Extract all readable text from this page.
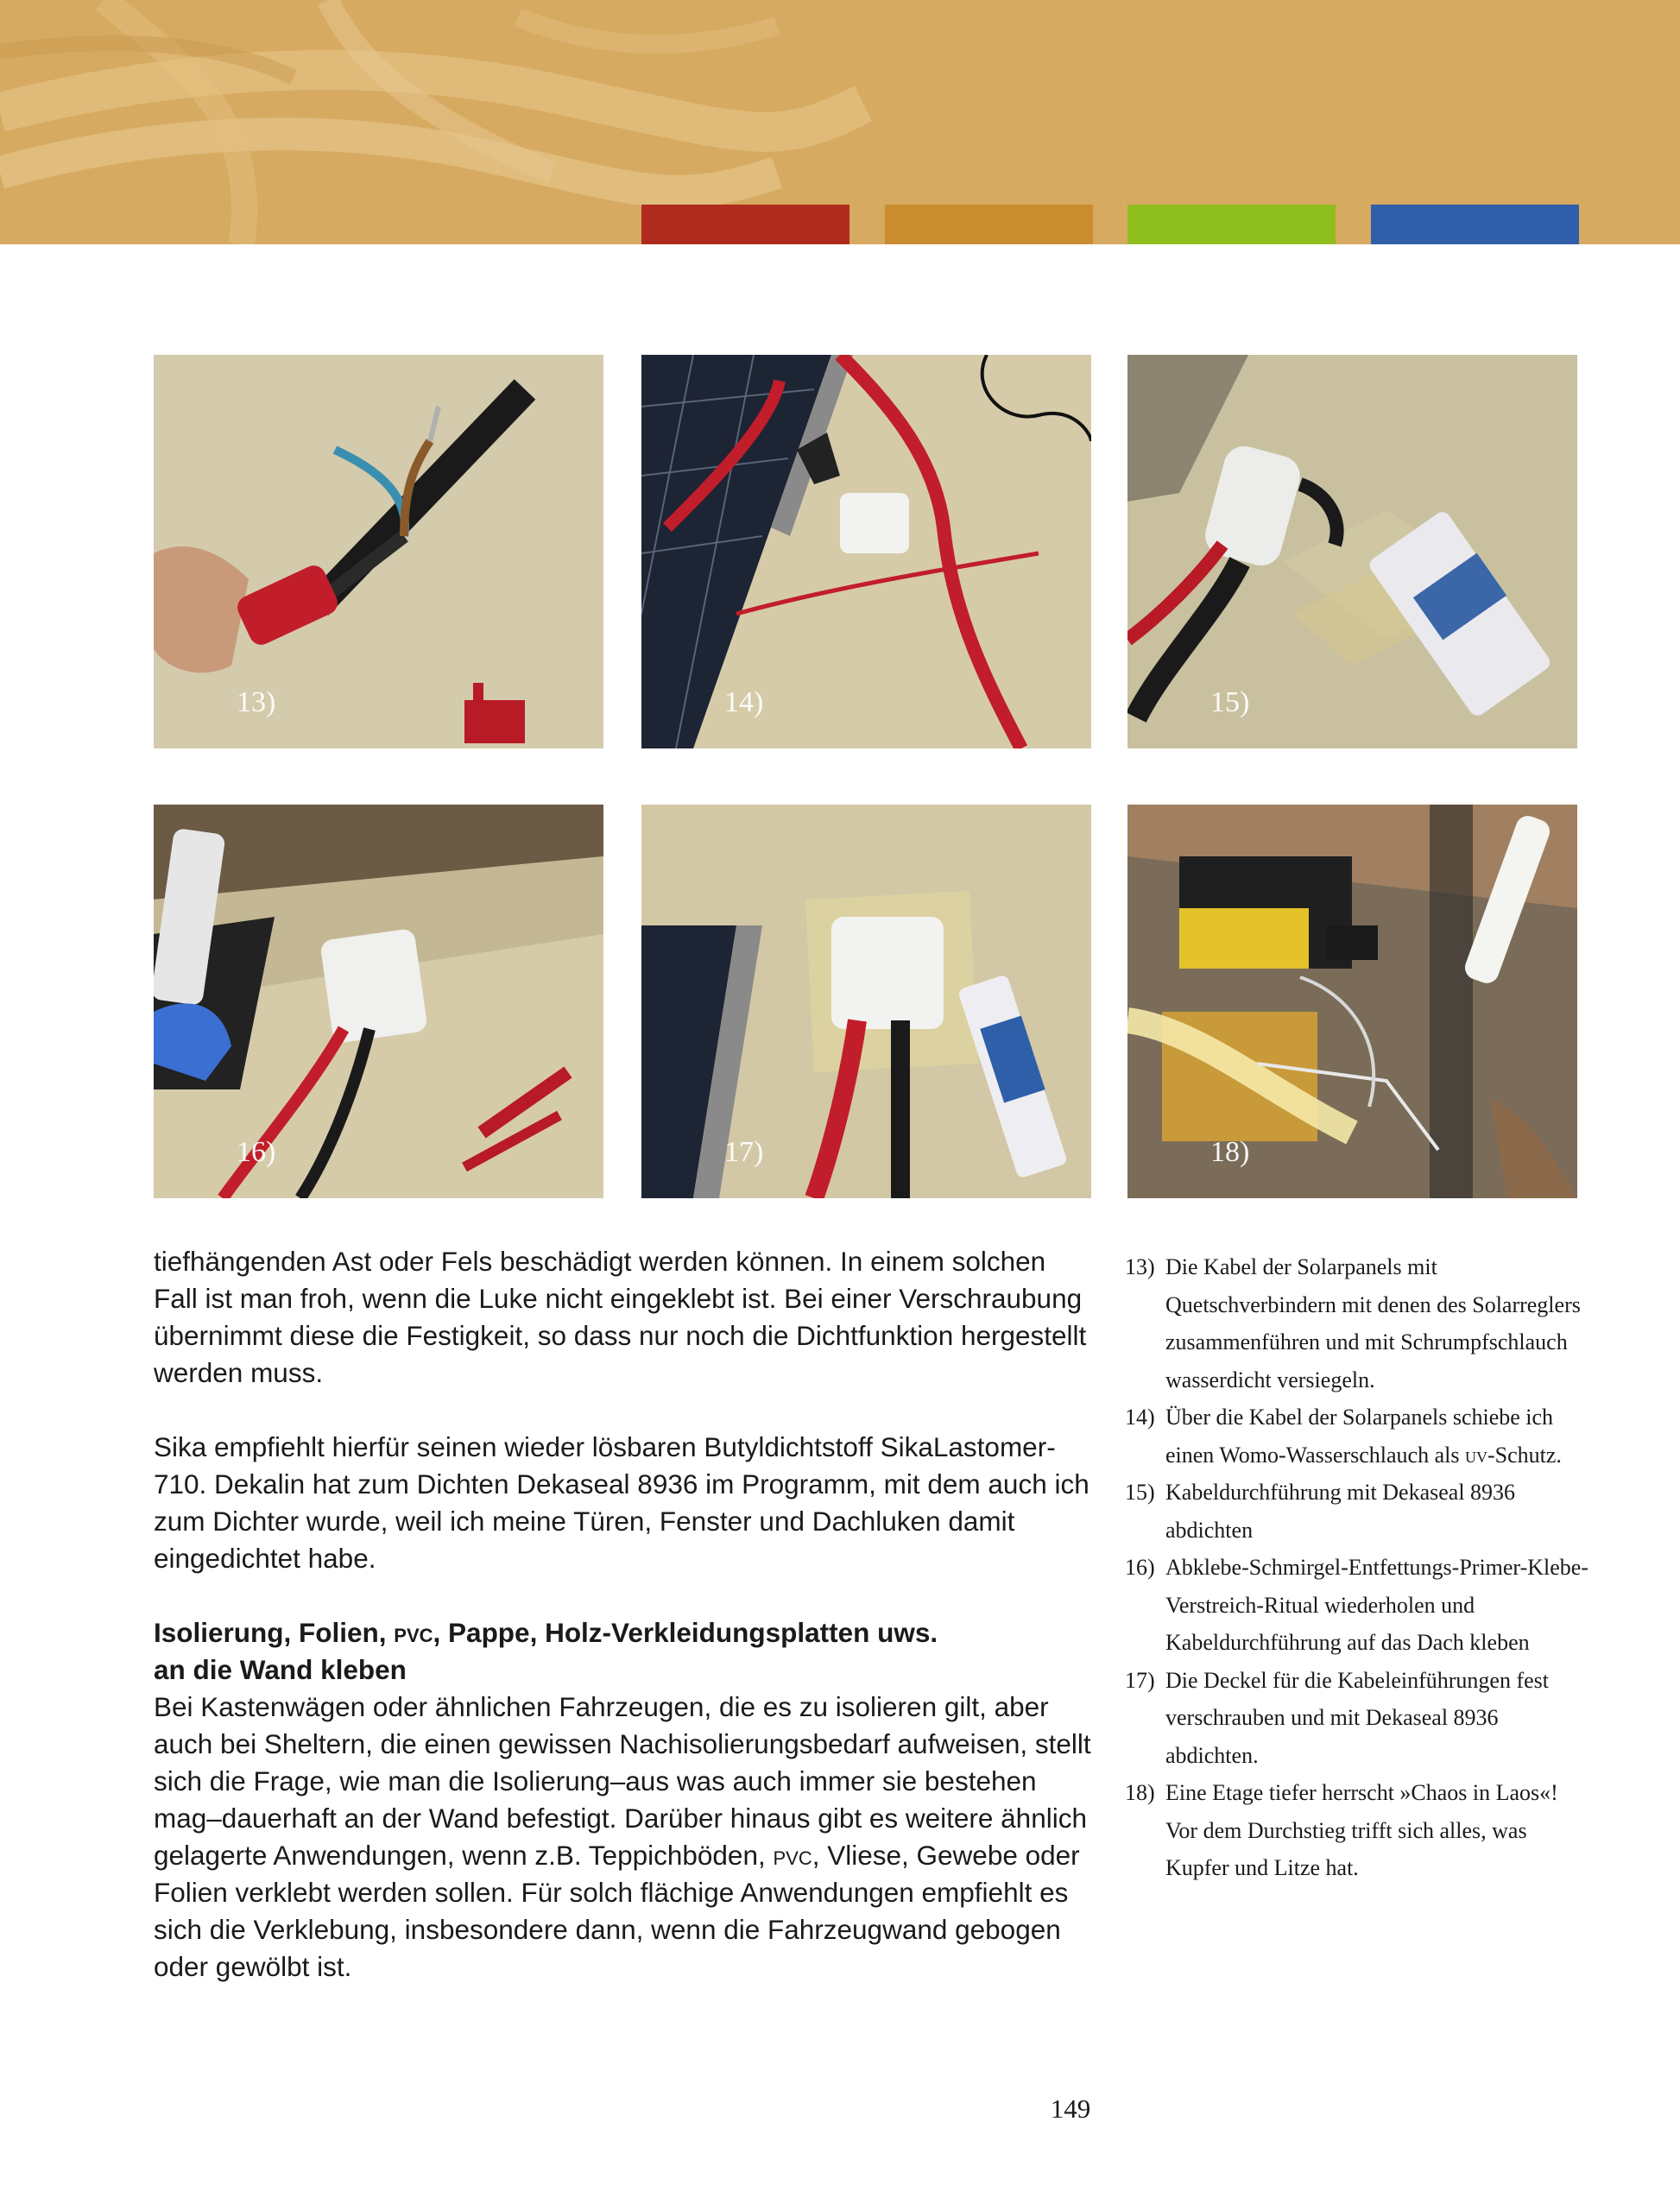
13)	14)	15)
16)	17)	18)

tiefhängenden Ast oder Fels beschädigt werden können. In einem solchen Fall ist man froh, wenn die Luke nicht eingeklebt ist. Bei einer Verschraubung übernimmt diese die Festigkeit, so dass nur noch die Dichtfunktion hergestellt werden muss.

Sika empfiehlt hierfür seinen wieder lösbaren Butyldichtstoff SikaLastomer-710. Dekalin hat zum Dichten Dekaseal 8936 im Programm, mit dem auch ich zum Dichter wurde, weil ich meine Türen, Fenster und Dachluken damit eingedichtet habe.

Isolierung, Folien, pvc, Pappe, Holz-Verkleidungsplatten uws.
an die Wand kleben

Bei Kastenwägen oder ähnlichen Fahrzeugen, die es zu isolieren gilt, aber auch bei Sheltern, die einen gewissen Nachisolierungsbedarf aufweisen, stellt sich die Frage, wie man die Isolierung–aus was auch immer sie bestehen mag–dauerhaft an der Wand befestigt. Darüber hinaus gibt es weitere ähnlich gelagerte Anwendungen, wenn z.B. Teppichböden, pvc, Vliese, Gewebe oder Folien verklebt werden sollen. Für solch flächige Anwendungen empfiehlt es sich die Verklebung, insbesondere dann, wenn die Fahrzeugwand gebogen oder gewölbt ist.

13) Die Kabel der Solarpanels mit Quetschverbindern mit denen des Solarreglers zusammenführen und mit Schrumpfschlauch wasserdicht versiegeln.
14) Über die Kabel der Solarpanels schiebe ich einen Womo-Wasserschlauch als uv-Schutz.
15) Kabeldurchführung mit Dekaseal 8936 abdichten
16) Abklebe-Schmirgel-Entfettungs-Primer-Klebe-Verstreich-Ritual wiederholen und Kabeldurchführung auf das Dach kleben
17) Die Deckel für die Kabeleinführungen fest verschrauben und mit Dekaseal 8936 abdichten.
18) Eine Etage tiefer herrscht »Chaos in Laos«! Vor dem Durchstieg trifft sich alles, was Kupfer und Litze hat.
149
